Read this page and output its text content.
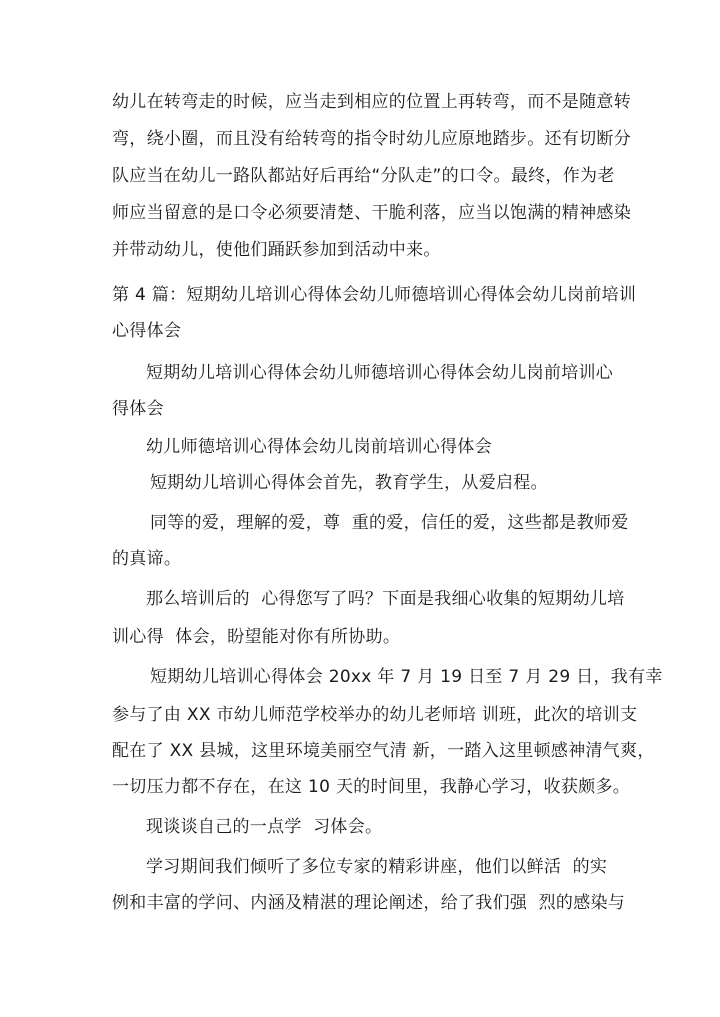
幼儿在转弯走的时候，应当走到相应的位置上再转弯，而不是随意转
弯，绕小圈，而且没有给转弯的指令时幼儿应原地踏步。还有切断分
队应当在幼儿一路队都站好后再给“分队走”的口令。最终，作为老
师应当留意的是口令必须要清楚、干脆利落，应当以饱满的精神感染
并带动幼儿，使他们踊跃参加到活动中来。
第 4 篇：短期幼儿培训心得体会幼儿师德培训心得体会幼儿岗前培训
心得体会
短期幼儿培训心得体会幼儿师德培训心得体会幼儿岗前培训心
得体会
幼儿师德培训心得体会幼儿岗前培训心得体会
短期幼儿培训心得体会首先，教育学生，从爱启程。
同等的爱，理解的爱，尊  重的爱，信任的爱，这些都是教师爱
的真谛。
那么培训后的  心得您写了吗？下面是我细心收集的短期幼儿培
训心得  体会，盼望能对你有所协助。
短期幼儿培训心得体会 20xx 年 7 月 19 日至 7 月 29 日，我有幸
参与了由 XX 市幼儿师范学校举办的幼儿老师培 训班，此次的培训支
配在了 XX 县城，这里环境美丽空气清 新，一踏入这里顿感神清气爽，
一切压力都不存在，在这 10 天的时间里，我静心学习，收获颇多。
现谈谈自己的一点学  习体会。
学习期间我们倾听了多位专家的精彩讲座，他们以鲜活  的实
例和丰富的学问、内涵及精湛的理论阐述，给了我们强  烈的感染与
